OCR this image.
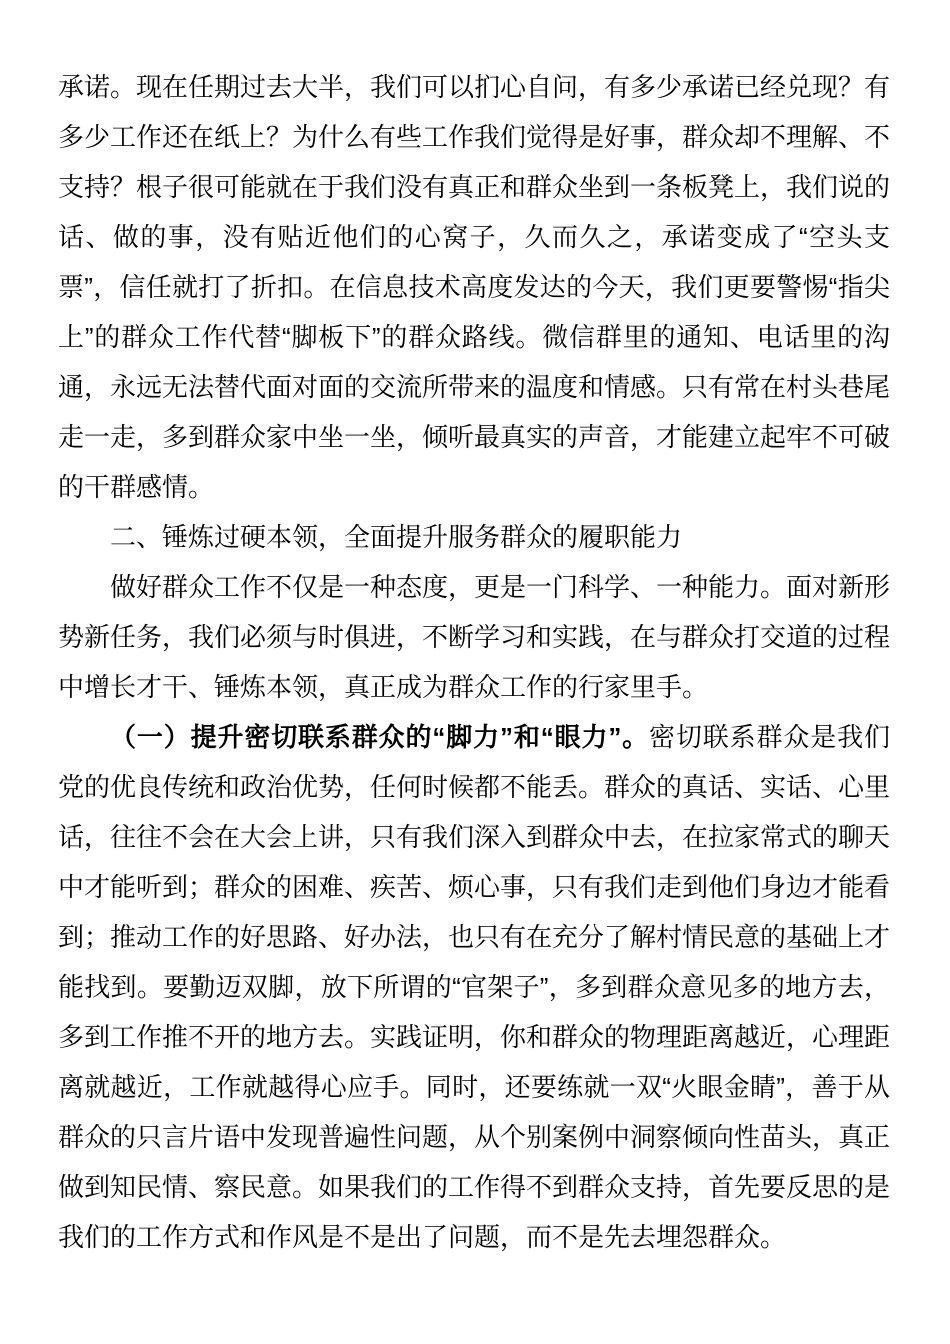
承诺。现在任期过去大半，我们可以扪心自问，有多少承诺已经兑现？有多少工作还在纸上？为什么有些工作我们觉得是好事，群众却不理解、不支持？根子很可能就在于我们没有真正和群众坐到一条板凳上，我们说的话、做的事，没有贴近他们的心窝子，久而久之，承诺变成了“空头支票”，信任就打了折扣。在信息技术高度发达的今天，我们更要警惕“指尖上”的群众工作代替“脚板下”的群众路线。微信群里的通知、电话里的沟通，永远无法替代面对面的交流所带来的温度和情感。只有常在村头巷尾走一走，多到群众家中坐一坐，倾听最真实的声音，才能建立起牢不可破的干群感情。
二、锤炼过硬本领，全面提升服务群众的履职能力
做好群众工作不仅是一种态度，更是一门科学、一种能力。面对新形势新任务，我们必须与时俱进，不断学习和实践，在与群众打交道的过程中增长才干、锤炼本领，真正成为群众工作的行家里手。
（一）提升密切联系群众的“脚力”和“眼力”。密切联系群众是我们党的优良传统和政治优势，任何时候都不能丢。群众的真话、实话、心里话，往往不会在大会上讲，只有我们深入到群众中去，在拉家常式的聊天中才能听到；群众的困难、疾苦、烦心事，只有我们走到他们身边才能看到；推动工作的好思路、好办法，也只有在充分了解村情民意的基础上才能找到。要勤迈双脚，放下所谓的“官架子”，多到群众意见多的地方去，多到工作推不开的地方去。实践证明，你和群众的物理距离越近，心理距离就越近，工作就越得心应手。同时，还要练就一双“火眼金睛”，善于从群众的只言片语中发现普遍性问题，从个别案例中洞察倾向性苗头，真正做到知民情、察民意。如果我们的工作得不到群众支持，首先要反思的是我们的工作方式和作风是不是出了问题，而不是先去埋怨群众。
